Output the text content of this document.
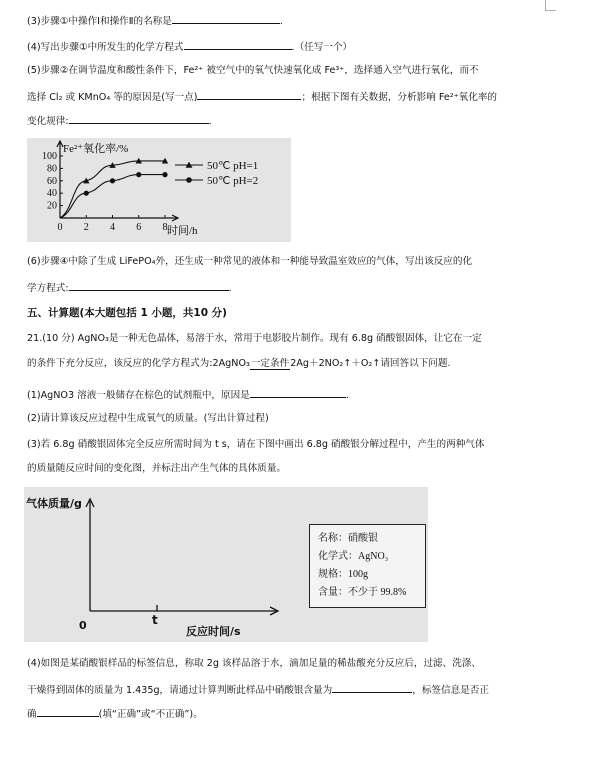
(3)步骤①中操作Ⅰ和操作Ⅱ的名称是	.
(4)写出步骤①中所发生的化学方程式	.（任写一个）
(5)步骤②在调节温度和酸性条件下，Fe²⁺ 被空气中的氧气快速氧化成 Fe³⁺，选择通入空气进行氧化，而不
选择 Cl₂ 或 KMnO₄ 等的原因是(写一点)	；根据下图有关数据，分析影响 Fe²⁺氧化率的
变化规律:	.
Fe²⁺氧化率/%
时间/h
50℃ pH=1
50℃ pH=2
0 2 4 6 8
20
40
60
80
100
(6)步骤④中除了生成 LiFePO₄外，还生成一种常见的液体和一种能导致温室效应的气体，写出该反应的化
学方程式:	.
五、计算题(本大题包括 1 小题，共10 分)
21.(10 分) AgNO₃是一种无色晶体，易溶于水，常用于电影胶片制作。现有 6.8g 硝酸银固体，让它在一定
的条件下充分反应，该反应的化学方程式为:2AgNO₃一定条件2Ag＋2NO₂↑＋O₂↑请回答以下问题.
(1)AgNO3 溶液一般储存在棕色的试剂瓶中，原因是	.
(2)请计算该反应过程中生成氧气的质量。(写出计算过程)
(3)若 6.8g 硝酸银固体完全反应所需时间为 t s，请在下图中画出 6.8g 硝酸银分解过程中，产生的两种气体
的质量随反应时间的变化图，并标注出产生气体的具体质量。
气体质量/g
反应时间/s
0	t
名称：硝酸银
化学式：AgNO₃
规格：100g
含量：不少于 99.8%
(4)如图是某硝酸银样品的标签信息，称取 2g 该样品溶于水，滴加足量的稀盐酸充分反应后，过滤、洗涤、
干燥得到固体的质量为 1.435g，请通过计算判断此样品中硝酸银含量为	，标签信息是否正
确	(填“正确”或“不正确”)。
